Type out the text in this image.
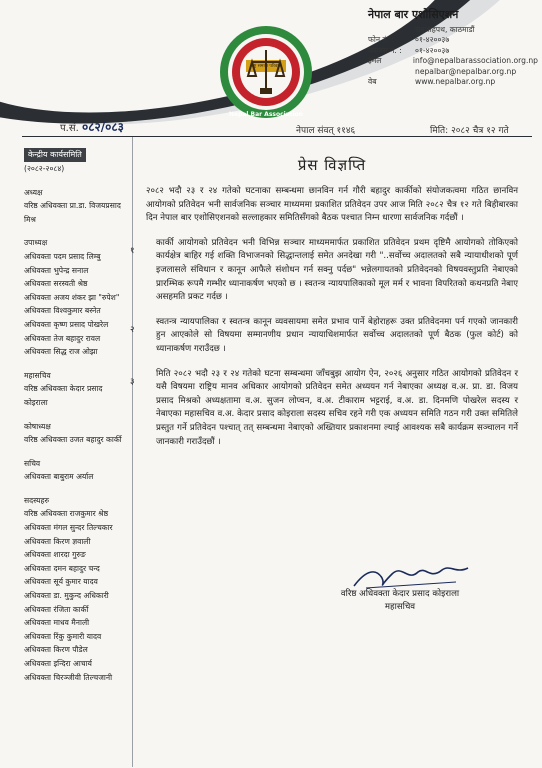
राष्ट्र समाज परिवारः
Nepal Bar Association
नेपाल बार एशोसिएशन
रामशाहपथ, काठमाडौं
फोन नं. :	०१-४२००३७
फ्याक्स नं. :	०१-४२००३७
इमेल	info@nepalbarassociation.org.np
nepalbar@nepalbar.org.np
वेब	www.nepalbar.org.np
प.सं. ०८२/०८३	नेपाल संवत् ११४६	मिति: २०८२ चैत्र १२ गते
केन्द्रीय कार्यसमिति
(२०८२-२०८४)
अध्यक्ष
वरिष्ठ अधिवक्ता प्रा.डा. विजयप्रसाद मिश्र
उपाध्यक्ष
अधिवक्ता पदम प्रसाद लिम्बु
अधिवक्ता भुपेन्द्र सनाल
अधिवक्ता सरस्वती श्रेष्ठ
अधिवक्ता अजय शंकर झा "रुपेश"
अधिवक्ता विश्वकुमार बस्नेत
अधिवक्ता कृष्ण प्रसाद पोखरेल
अधिवक्ता तेज बहादुर रावल
अधिवक्ता सिद्ध राज ओझा
महासचिव
वरिष्ठ अधिवक्ता केदार प्रसाद कोइराला
कोषाध्यक्ष
वरिष्ठ अधिवक्ता उजत बहादुर कार्की
सचिव
अधिवक्ता बाबुराम अर्याल
सदस्यहरु
वरिष्ठ अधिवक्ता राजकुमार श्रेष्ठ
अधिवक्ता मंगल सुन्दर तिल्चकार
अधिवक्ता किरण ज्ञवाली
अधिवक्ता शारदा गुरुङ
अधिवक्ता दमन बहादुर चन्द
अधिवक्ता सूर्य कुमार यादव
अधिवक्ता डा. मुकुन्द अधिकारी
अधिवक्ता रंजिता कार्की
अधिवक्ता माधव मैनाली
अधिवक्ता रिंकु कुमारी यादव
अधिवक्ता किरण पौडेल
अधिवक्ता इन्दिरा आचार्य
अधिवक्ता चिरञ्जीवी तिल्चजानी
प्रेस विज्ञप्ति
२०८२ भदौ २३ र २४ गतेको घटनाका सम्बन्धमा छानविन गर्न गौरी बहादुर कार्कीको संयोजकत्वमा गठित छानविन आयोगको प्रतिवेदन भनी सार्वजनिक सञ्चार माध्यममा प्रकाशित प्रतिवेदन उपर आज मिति २०८२ चैत्र १२ गते बिहीबारका दिन नेपाल बार एशोसिएशनको सल्लाहकार समितिसँगको बैठक पश्चात निम्न धारणा सार्वजनिक गर्दछौं ।
१
कार्की आयोगको प्रतिवेदन भनी विभिन्न सञ्चार माध्यममार्फत प्रकाशित प्रतिवेदन प्रथम दृष्टिमै आयोगको तोकिएको कार्यक्षेत्र बाहिर गई शक्ति विभाजनको सिद्धान्तलाई समेत अनदेखा गरी "..सर्वोच्च अदालतको सबै न्यायाधीशको पूर्ण इजलासले संविधान र कानून आफैले संशोधन गर्न सक्नु पर्दछ" भन्नेलगायतको प्रतिवेदनको विषयवस्तुप्रति नेबाएको प्रारम्भिक रूपमै गम्भीर ध्यानाकर्षण भएको छ । स्वतन्त्र न्यायपालिकाको मूल मर्म र भावना विपरितको कथनप्रति नेबाए असहमति प्रकट गर्दछ ।
२
स्वतन्त्र न्यायपालिका र स्वतन्त्र कानून व्यवसायमा समेत प्रभाव पार्ने बेहोराहरू उक्त प्रतिवेदनमा पर्न गएको जानकारी हुन आएकोले सो विषयमा सम्मानणीय प्रधान न्यायाधिशमार्फत सर्वोच्च अदालतको पूर्ण बैठक (फुल कोर्ट) को ध्यानाकर्षण गराउँदछ ।
३
मिति २०८२ भदौ २३ र २४ गतेको घटना सम्बन्धमा जाँचबुझ आयोग ऐन, २०२६ अनुसार गठित आयोगको प्रतिवेदन र यसै विषयमा राष्ट्रिय मानव अधिकार आयोगको प्रतिवेदन समेत अध्ययन गर्न नेबाएका अध्यक्ष व.अ. प्रा. डा. विजय प्रसाद मिश्रको अध्यक्षतामा व.अ. सुजन लोप्चन, व.अ. टीकाराम भट्टराई, व.अ. डा. दिनमणि पोखरेल सदस्य र नेबाएका महासचिव व.अ. केदार प्रसाद कोइराला सदस्य सचिव रहने गरी एक अध्ययन समिति गठन गरी उक्त समितिले प्रस्तुत गर्ने प्रतिवेदन पश्चात् तत् सम्बन्धमा नेबाएको अख्तियार प्रकाशनमा ल्याई आवश्यक सबै कार्यक्रम सञ्चालन गर्ने जानकारी गराउँदछौं ।
वरिष्ठ अधिवक्ता केदार प्रसाद कोइराला
महासचिव
